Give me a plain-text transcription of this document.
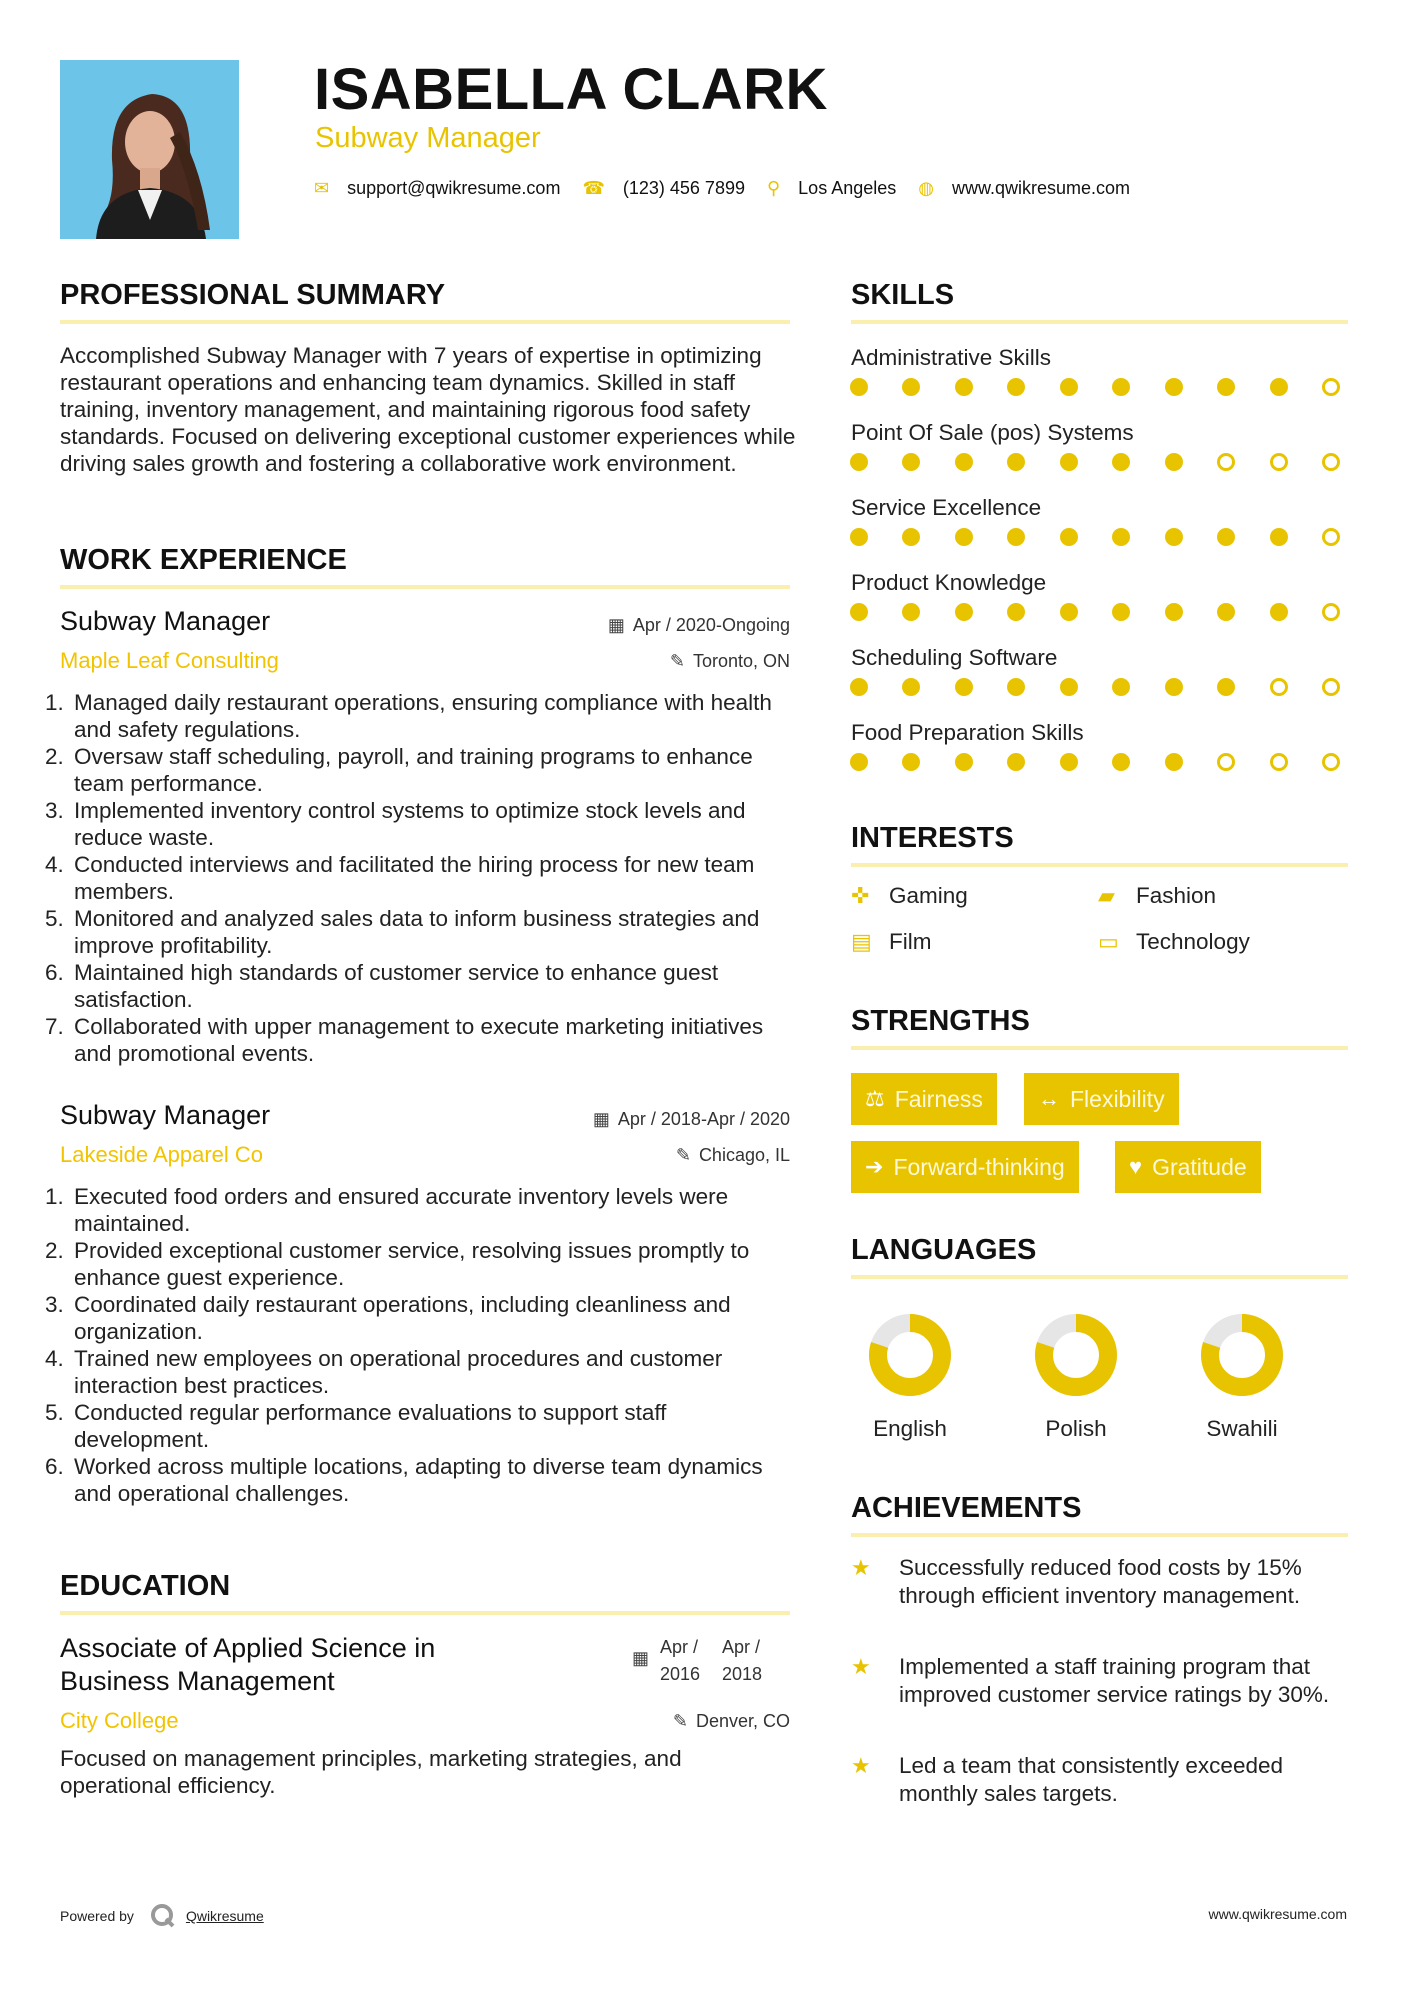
ISABELLA CLARK
Subway Manager
✉ support@qwikresume.com ☎ (123) 456 7899 ⚲ Los Angeles ◍ www.qwikresume.com
PROFESSIONAL SUMMARY
Accomplished Subway Manager with 7 years of expertise in optimizing restaurant operations and enhancing team dynamics. Skilled in staff training, inventory management, and maintaining rigorous food safety standards. Focused on delivering exceptional customer experiences while driving sales growth and fostering a collaborative work environment.
WORK EXPERIENCE
Subway Manager	▦ Apr / 2020-Ongoing
Maple Leaf Consulting	✎ Toronto, ON
1. Managed daily restaurant operations, ensuring compliance with health and safety regulations.
2. Oversaw staff scheduling, payroll, and training programs to enhance team performance.
3. Implemented inventory control systems to optimize stock levels and reduce waste.
4. Conducted interviews and facilitated the hiring process for new team members.
5. Monitored and analyzed sales data to inform business strategies and improve profitability.
6. Maintained high standards of customer service to enhance guest satisfaction.
7. Collaborated with upper management to execute marketing initiatives and promotional events.
Subway Manager	▦ Apr / 2018-Apr / 2020
Lakeside Apparel Co	✎ Chicago, IL
1. Executed food orders and ensured accurate inventory levels were maintained.
2. Provided exceptional customer service, resolving issues promptly to enhance guest experience.
3. Coordinated daily restaurant operations, including cleanliness and organization.
4. Trained new employees on operational procedures and customer interaction best practices.
5. Conducted regular performance evaluations to support staff development.
6. Worked across multiple locations, adapting to diverse team dynamics and operational challenges.
EDUCATION
Associate of Applied Science in Business Management
▦
Apr / 2016
Apr / 2018
City College	✎ Denver, CO
Focused on management principles, marketing strategies, and operational efficiency.
SKILLS
Administrative Skills
Point Of Sale (pos) Systems
Service Excellence
Product Knowledge
Scheduling Software
Food Preparation Skills
INTERESTS
✜ Gaming	▰ Fashion
▤ Film	▭ Technology
STRENGTHS
⚖ Fairness	↔ Flexibility
➔ Forward-thinking	♥ Gratitude
LANGUAGES
English	Polish	Swahili
ACHIEVEMENTS
★	Successfully reduced food costs by 15% through efficient inventory management.
★	Implemented a staff training program that improved customer service ratings by 30%.
★	Led a team that consistently exceeded monthly sales targets.
Powered by	Qwikresume	www.qwikresume.com
